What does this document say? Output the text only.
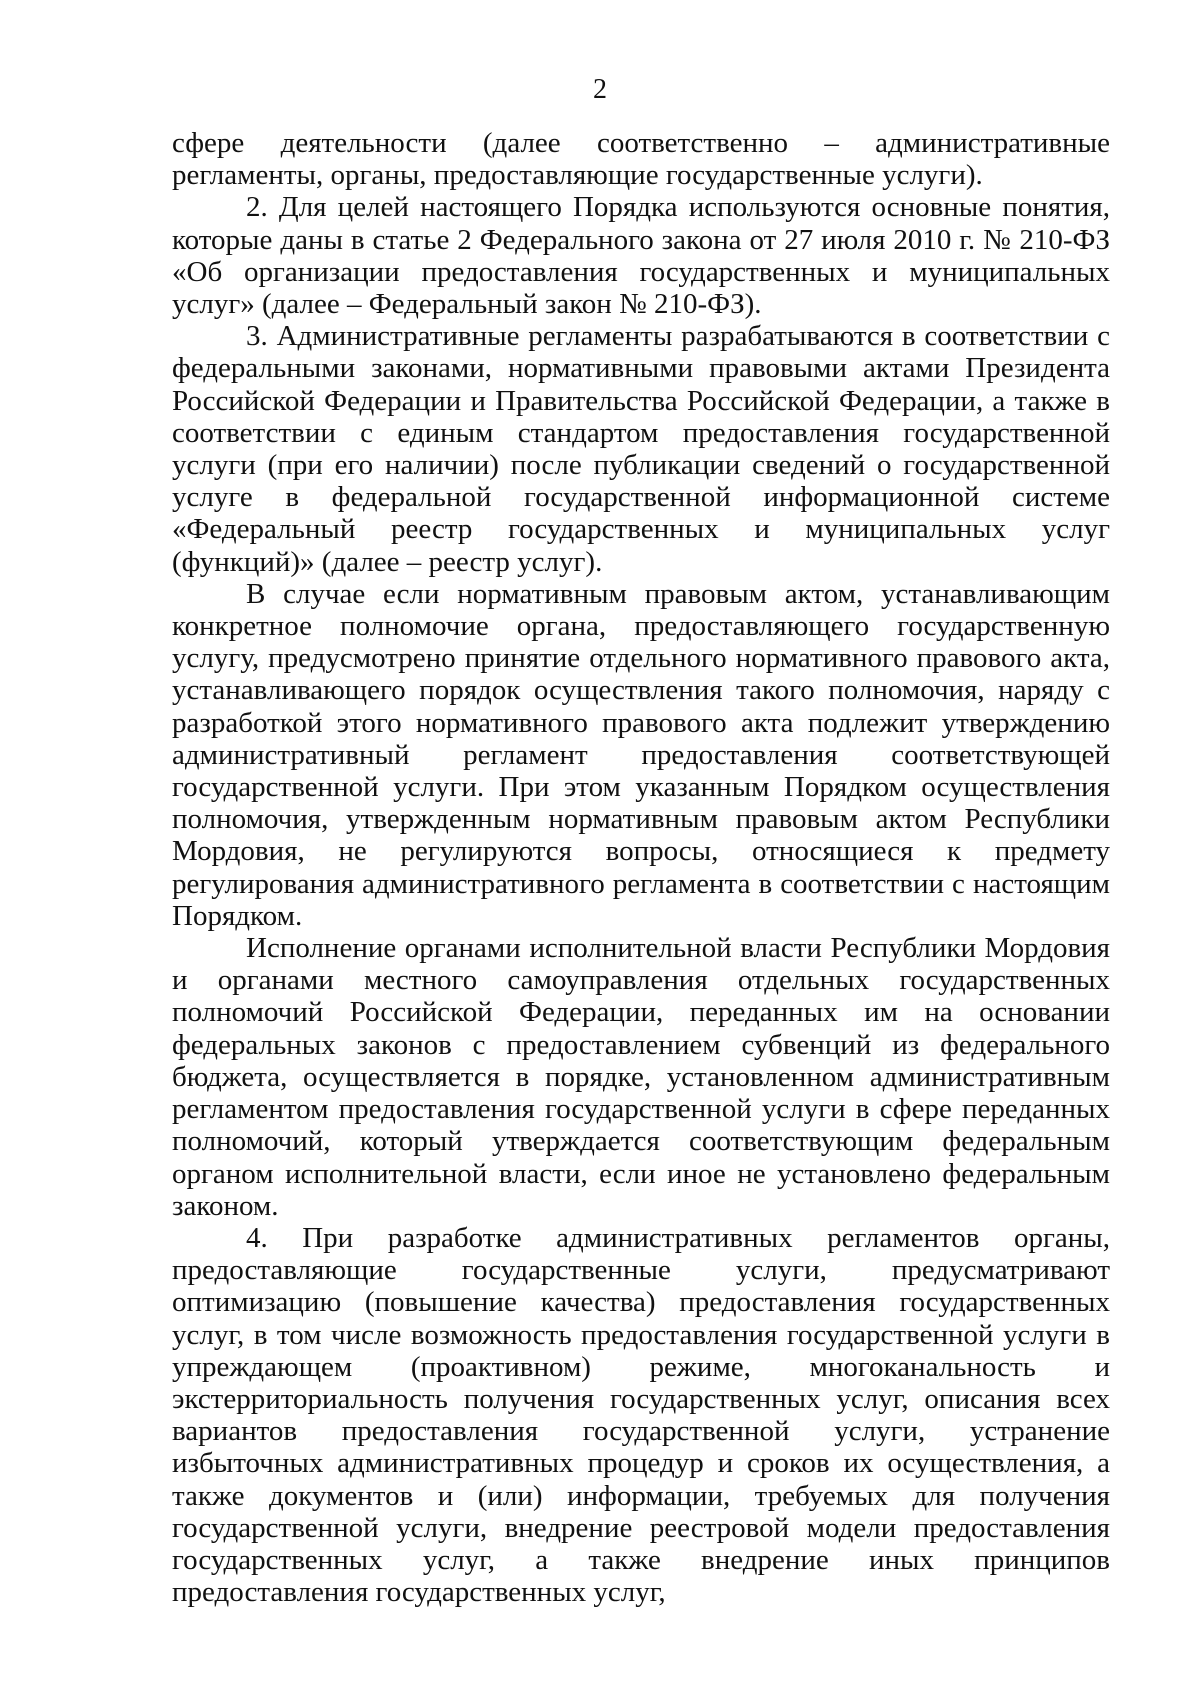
2

сфере деятельности (далее соответственно – административные регламенты, органы, предоставляющие государственные услуги).

2. Для целей настоящего Порядка используются основные понятия, которые даны в статье 2 Федерального закона от 27 июля 2010 г. № 210-ФЗ «Об организации предоставления государственных и муниципальных услуг» (далее – Федеральный закон № 210-ФЗ).

3. Административные регламенты разрабатываются в соответствии с федеральными законами, нормативными правовыми актами Президента Российской Федерации и Правительства Российской Федерации, а также в соответствии с единым стандартом предоставления государственной услуги (при его наличии) после публикации сведений о государственной услуге в федеральной государственной информационной системе «Федеральный реестр государственных и муниципальных услуг (функций)» (далее – реестр услуг).

В случае если нормативным правовым актом, устанавливающим конкретное полномочие органа, предоставляющего государственную услугу, предусмотрено принятие отдельного нормативного правового акта, устанавливающего порядок осуществления такого полномочия, наряду с разработкой этого нормативного правового акта подлежит утверждению административный регламент предоставления соответствующей государственной услуги. При этом указанным Порядком осуществления полномочия, утвержденным нормативным правовым актом Республики Мордовия, не регулируются вопросы, относящиеся к предмету регулирования административного регламента в соответствии с настоящим Порядком.

Исполнение органами исполнительной власти Республики Мордовия и органами местного самоуправления отдельных государственных полномочий Российской Федерации, переданных им на основании федеральных законов с предоставлением субвенций из федерального бюджета, осуществляется в порядке, установленном административным регламентом предоставления государственной услуги в сфере переданных полномочий, который утверждается соответствующим федеральным органом исполнительной власти, если иное не установлено федеральным законом.

4. При разработке административных регламентов органы, предоставляющие государственные услуги, предусматривают оптимизацию (повышение качества) предоставления государственных услуг, в том числе возможность предоставления государственной услуги в упреждающем (проактивном) режиме, многоканальность и экстерриториальность получения государственных услуг, описания всех вариантов предоставления государственной услуги, устранение избыточных административных процедур и сроков их осуществления, а также документов и (или) информации, требуемых для получения государственной услуги, внедрение реестровой модели предоставления государственных услуг, а также внедрение иных принципов предоставления государственных услуг,
